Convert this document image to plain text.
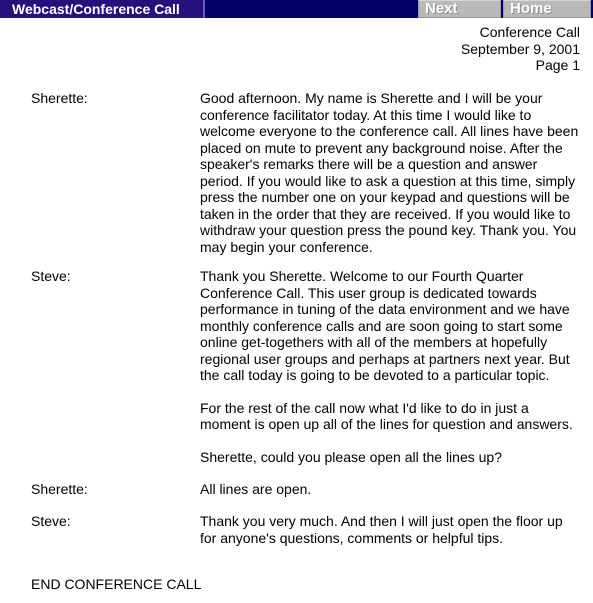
Webcast/Conference Call	Next	Home
Conference Call
September 9, 2001
Page 1
Sherette:	Good afternoon. My name is Sherette and I will be your conference facilitator today. At this time I would like to welcome everyone to the conference call. All lines have been placed on mute to prevent any background noise. After the speaker's remarks there will be a question and answer period. If you would like to ask a question at this time, simply press the number one on your keypad and questions will be taken in the order that they are received. If you would like to withdraw your question press the pound key. Thank you. You may begin your conference.

Steve:	Thank you Sherette. Welcome to our Fourth Quarter Conference Call. This user group is dedicated towards performance in tuning of the data environment and we have monthly conference calls and are soon going to start some online get-togethers with all of the members at hopefully regional user groups and perhaps at partners next year. But the call today is going to be devoted to a particular topic.

For the rest of the call now what I'd like to do in just a moment is open up all of the lines for question and answers.

Sherette, could you please open all the lines up?

Sherette:	All lines are open.

Steve:	Thank you very much. And then I will just open the floor up for anyone's questions, comments or helpful tips.

END CONFERENCE CALL
